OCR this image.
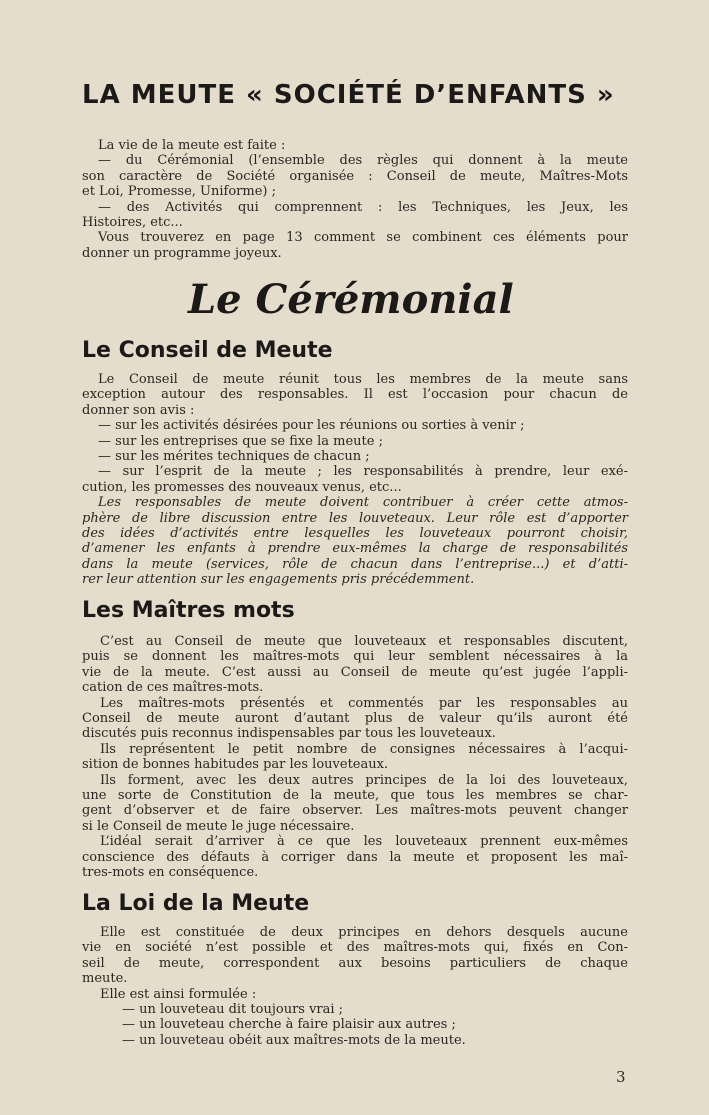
LA MEUTE « SOCIÉTÉ D’ENFANTS »
La vie de la meute est faite :
— du Cérémonial (l’ensemble des règles qui donnent à la meute
son caractère de Société organisée : Conseil de meute, Maîtres-Mots
et Loi, Promesse, Uniforme) ;
— des Activités qui comprennent : les Techniques, les Jeux, les
Histoires, etc...
Vous trouverez en page 13 comment se combinent ces éléments pour
donner un programme joyeux.
Le Cérémonial
Le Conseil de Meute
Le Conseil de meute réunit tous les membres de la meute sans
exception autour des responsables. Il est l’occasion pour chacun de
donner son avis :
— sur les activités désirées pour les réunions ou sorties à venir ;
— sur les entreprises que se fixe la meute ;
— sur les mérites techniques de chacun ;
— sur l’esprit de la meute ; les responsabilités à prendre, leur exé-
cution, les promesses des nouveaux venus, etc...
Les responsables de meute doivent contribuer à créer cette atmos-
phère de libre discussion entre les louveteaux. Leur rôle est d’apporter
des idées d’activités entre lesquelles les louveteaux pourront choisir,
d’amener les enfants à prendre eux-mêmes la charge de responsabilités
dans la meute (services, rôle de chacun dans l’entreprise...) et d’atti-
rer leur attention sur les engagements pris précédemment.
Les Maîtres mots
C’est au Conseil de meute que louveteaux et responsables discutent,
puis se donnent les maîtres-mots qui leur semblent nécessaires à la
vie de la meute. C’est aussi au Conseil de meute qu’est jugée l’appli-
cation de ces maîtres-mots.
Les maîtres-mots présentés et commentés par les responsables au
Conseil de meute auront d’autant plus de valeur qu’ils auront été
discutés puis reconnus indispensables par tous les louveteaux.
Ils représentent le petit nombre de consignes nécessaires à l’acqui-
sition de bonnes habitudes par les louveteaux.
Ils forment, avec les deux autres principes de la loi des louveteaux,
une sorte de Constitution de la meute, que tous les membres se char-
gent d’observer et de faire observer. Les maîtres-mots peuvent changer
si le Conseil de meute le juge nécessaire.
L’idéal serait d’arriver à ce que les louveteaux prennent eux-mêmes
conscience des défauts à corriger dans la meute et proposent les maî-
tres-mots en conséquence.
La Loi de la Meute
Elle est constituée de deux principes en dehors desquels aucune
vie en société n’est possible et des maîtres-mots qui, fixés en Con-
seil de meute, correspondent aux besoins particuliers de chaque
meute.
Elle est ainsi formulée :
— un louveteau dit toujours vrai ;
— un louveteau cherche à faire plaisir aux autres ;
— un louveteau obéit aux maîtres-mots de la meute.
3
